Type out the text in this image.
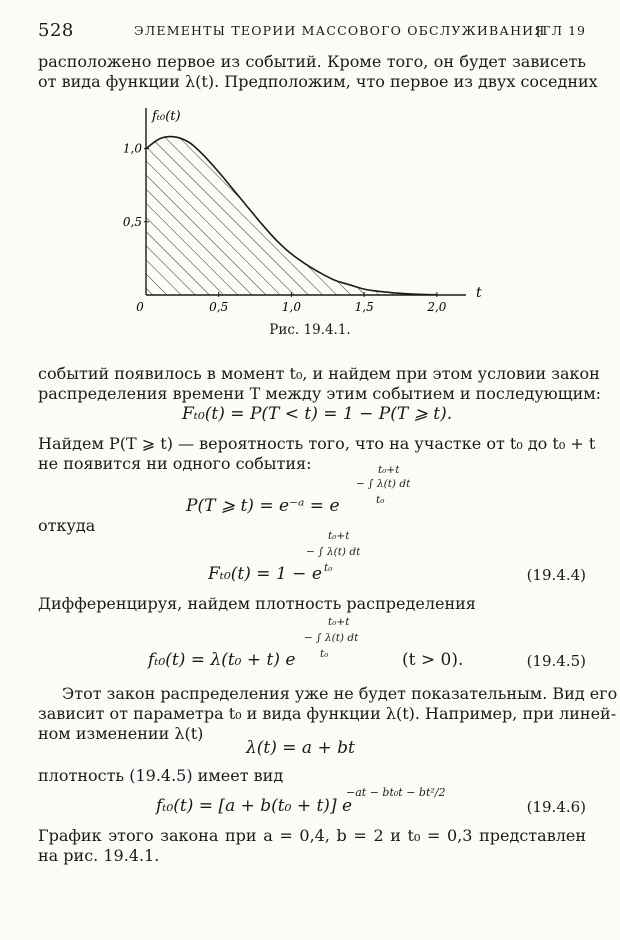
528	ЭЛЕМЕНТЫ ТЕОРИИ МАССОВОГО ОБСЛУЖИВАНИЯ
[ГЛ 19
расположено первое из событий. Кроме того, он будет зависеть
от вида функции λ(t). Предположим, что первое из двух соседних
0	0,5	1,0	1,5	2,0
0,5
1,0
fₜ₀(t)
t
Рис. 19.4.1.
событий появилось в момент t₀, и найдем при этом условии закон
распределения времени T между этим событием и последующим:
Fₜ₀(t) = P(T < t) = 1 − P(T ⩾ t).
Найдем P(T ⩾ t) — вероятность того, что на участке от t₀ до t₀ + t
не появится ни одного события:	t₀+t
− ∫ λ(t) dt
t₀
P(T ⩾ t) = e⁻ᵃ = e
откуда
t₀+t
− ∫ λ(t) dt
t₀
Fₜ₀(t) = 1 − e	(19.4.4)
Дифференцируя, найдем плотность распределения
t₀+t
− ∫ λ(t) dt
t₀
fₜ₀(t) = λ(t₀ + t) e	(t > 0).	(19.4.5)
Этот закон распределения уже не будет показательным. Вид его
зависит от параметра t₀ и вида функции λ(t). Например, при линей-
ном изменении λ(t)
λ(t) = a + bt
плотность (19.4.5) имеет вид
−at − bt₀t − bt²/2
fₜ₀(t) = [a + b(t₀ + t)] e	(19.4.6)
График этого закона при a = 0,4, b = 2 и t₀ = 0,3 представлен
на рис. 19.4.1.
